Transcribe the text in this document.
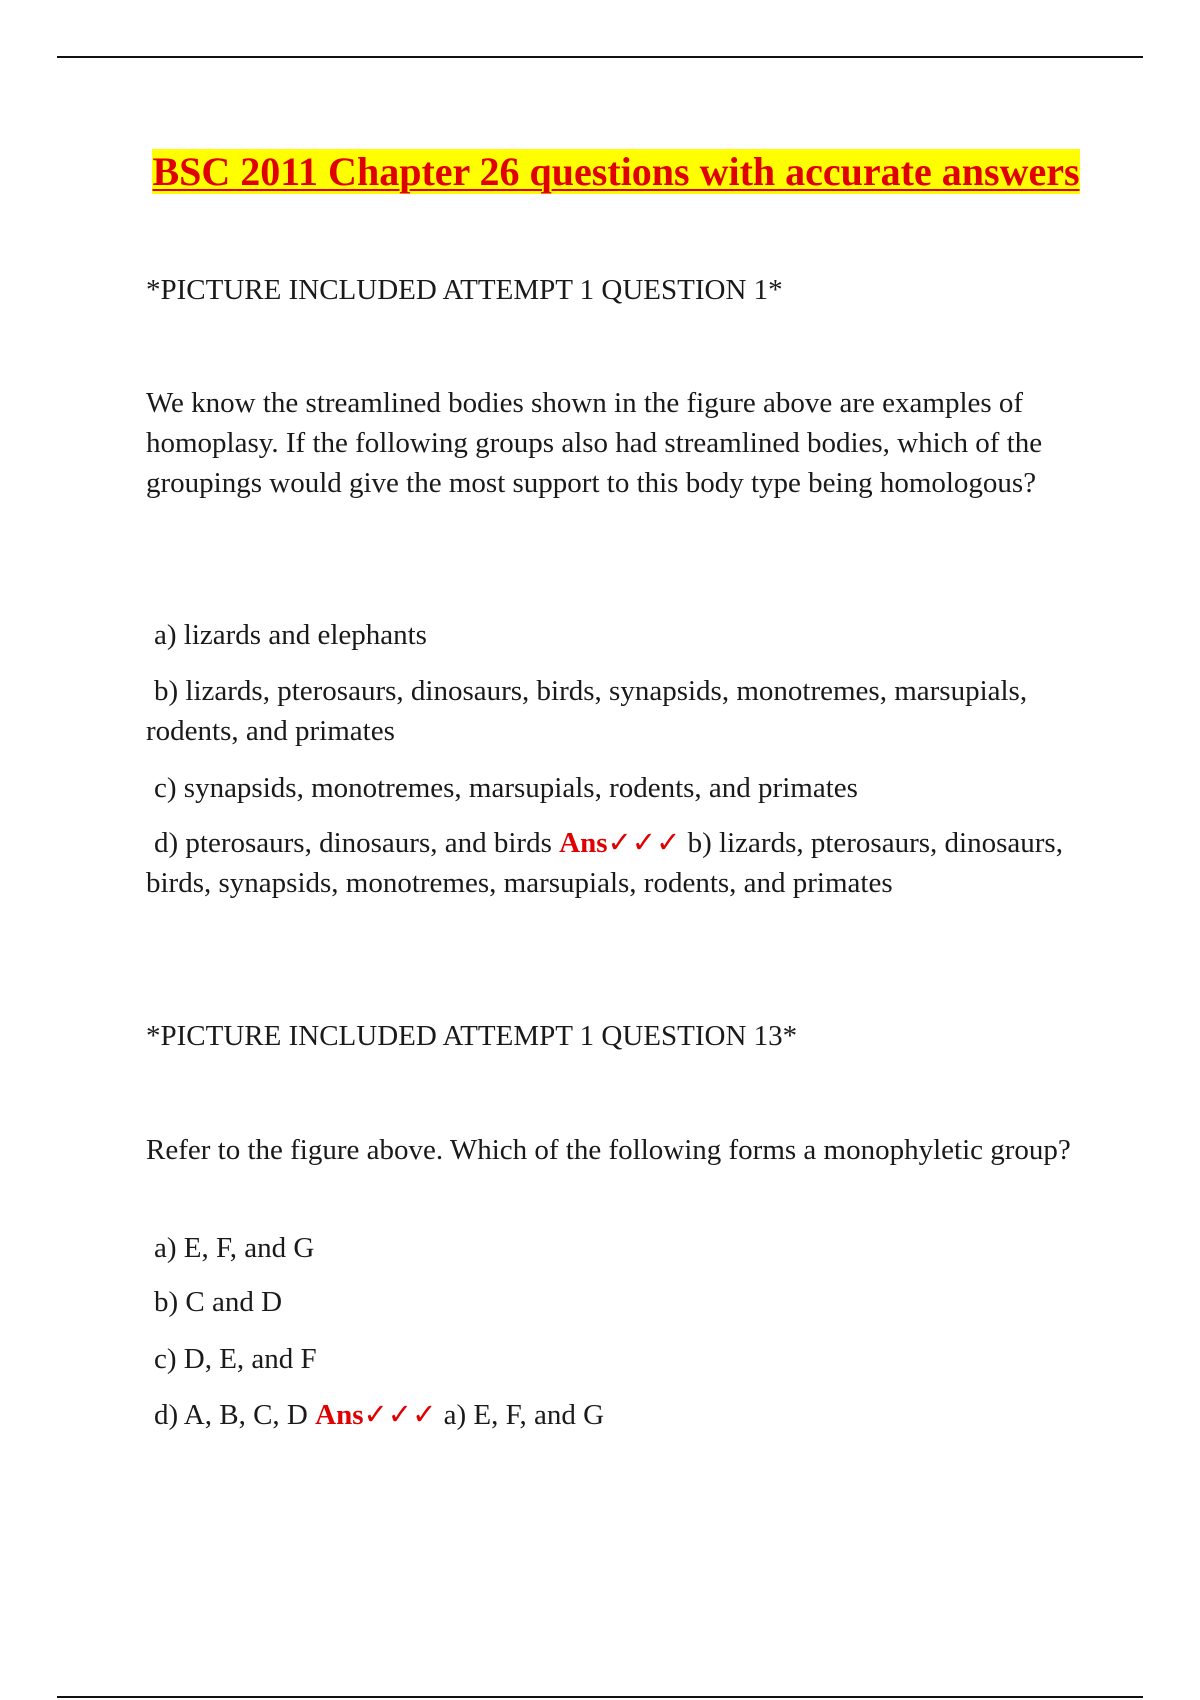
BSC 2011 Chapter 26 questions with accurate answers

*PICTURE INCLUDED ATTEMPT 1 QUESTION 1*

We know the streamlined bodies shown in the figure above are examples of homoplasy. If the following groups also had streamlined bodies, which of the groupings would give the most support to this body type being homologous?

a) lizards and elephants

b) lizards, pterosaurs, dinosaurs, birds, synapsids, monotremes, marsupials, rodents, and primates

c) synapsids, monotremes, marsupials, rodents, and primates

d) pterosaurs, dinosaurs, and birds Ans✓✓✓ b) lizards, pterosaurs, dinosaurs, birds, synapsids, monotremes, marsupials, rodents, and primates

*PICTURE INCLUDED ATTEMPT 1 QUESTION 13*

Refer to the figure above. Which of the following forms a monophyletic group?

a) E, F, and G

b) C and D

c) D, E, and F

d) A, B, C, D Ans✓✓✓ a) E, F, and G
